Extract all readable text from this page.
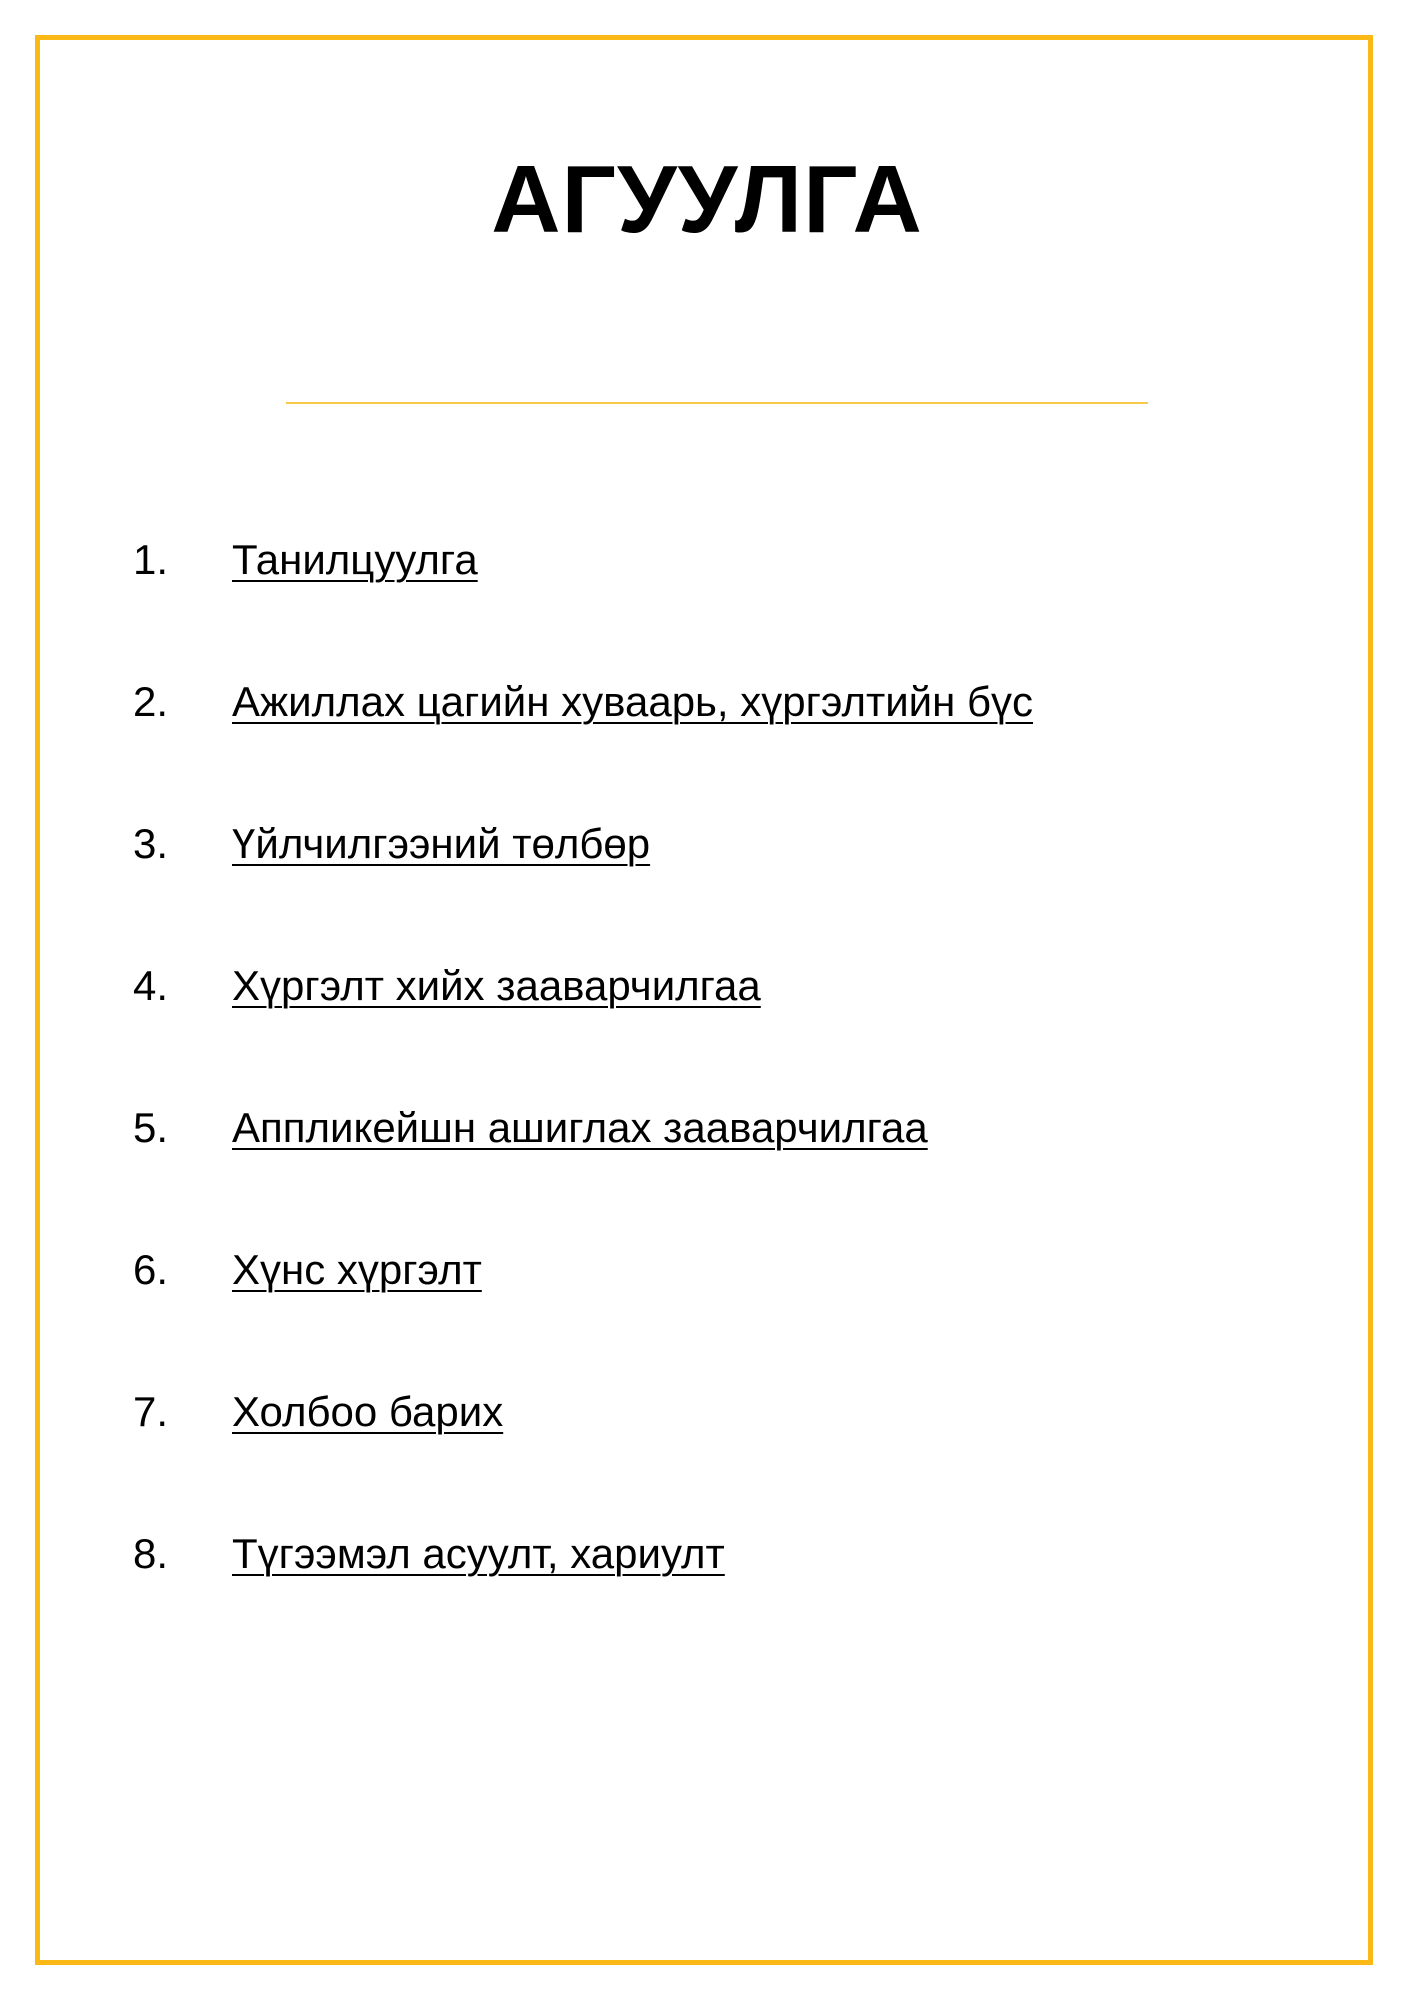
АГУУЛГА
1. Танилцуулга
2. Ажиллах цагийн хуваарь, хүргэлтийн бүс
3. Үйлчилгээний төлбөр
4. Хүргэлт хийх зааварчилгаа
5. Аппликейшн ашиглах зааварчилгаа
6. Хүнс хүргэлт
7. Холбоо барих
8. Түгээмэл асуулт, хариулт
